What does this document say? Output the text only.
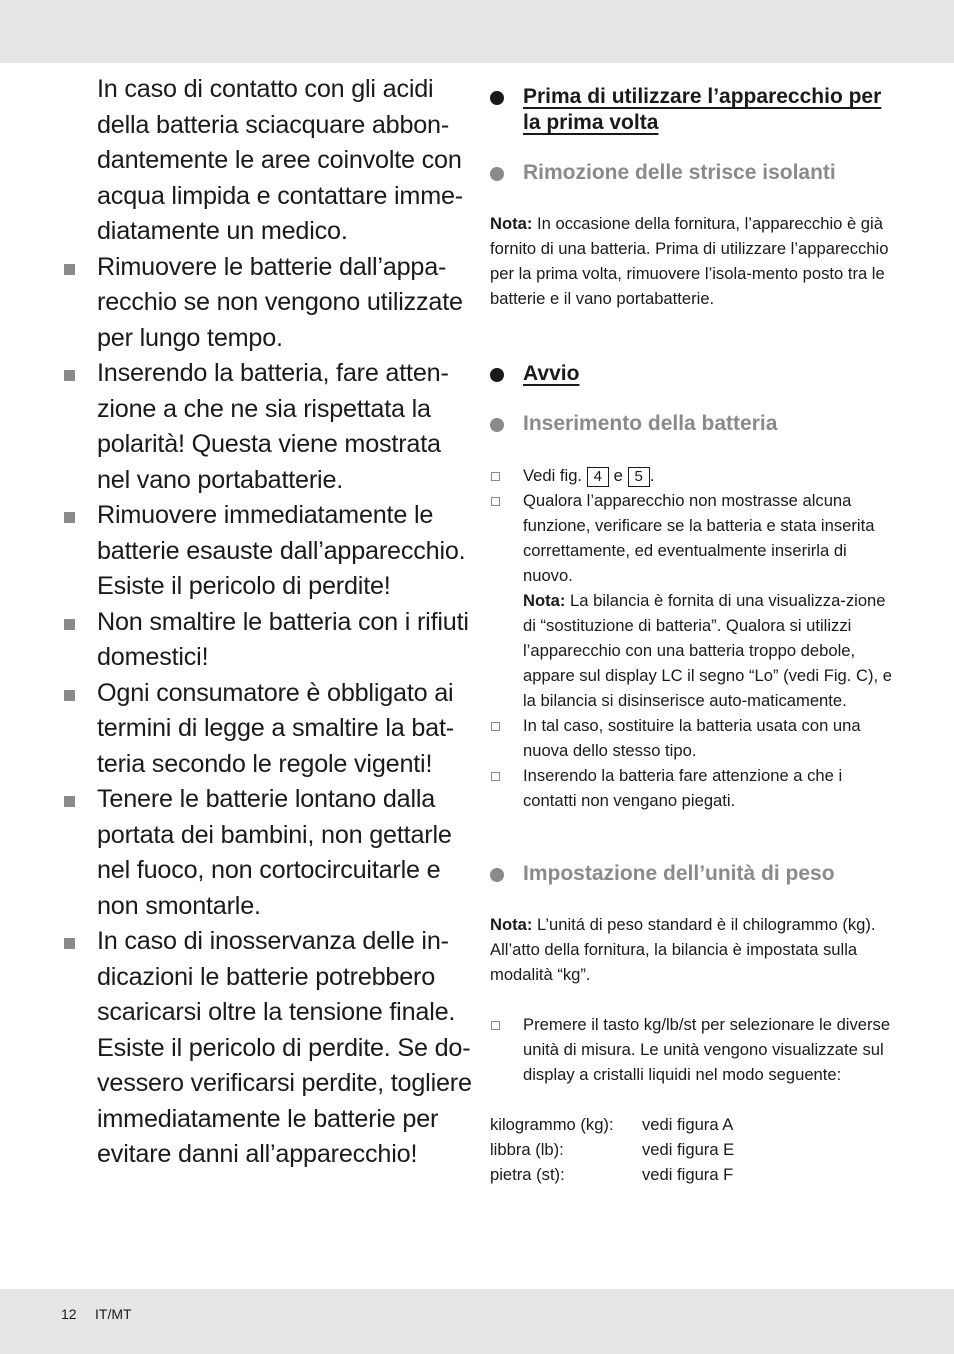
In caso di contatto con gli acidi della batteria sciacquare abbon-dantemente le aree coinvolte con acqua limpida e contattare imme-diatamente un medico.

Rimuovere le batterie dall’appa-recchio se non vengono utilizzate per lungo tempo.
Inserendo la batteria, fare atten-zione a che ne sia rispettata la polarità! Questa viene mostrata nel vano portabatterie.
Rimuovere immediatamente le batterie esauste dall’apparecchio. Esiste il pericolo di perdite!
Non smaltire le batteria con i rifiuti domestici!
Ogni consumatore è obbligato ai termini di legge a smaltire la bat-teria secondo le regole vigenti!
Tenere le batterie lontano dalla portata dei bambini, non gettarle nel fuoco, non cortocircuitarle e non smontarle.
In caso di inosservanza delle in-dicazioni le batterie potrebbero scaricarsi oltre la tensione finale. Esiste il pericolo di perdite. Se do-vessero verificarsi perdite, togliere immediatamente le batterie per evitare danni all’apparecchio!
Prima di utilizzare l’apparecchio per la prima volta
Rimozione delle strisce isolanti

Nota: In occasione della fornitura, l’apparecchio è già fornito di una batteria. Prima di utilizzare l’apparecchio per la prima volta, rimuovere l’isola-mento posto tra le batterie e il vano portabatterie.

Avvio
Inserimento della batteria
Vedi fig. 4 e 5 .
Qualora l’apparecchio non mostrasse alcuna funzione, verificare se la batteria e stata inserita correttamente, ed eventualmente inserirla di nuovo.
Nota: La bilancia è fornita di una visualizza-zione di “sostituzione di batteria”. Qualora si utilizzi l’apparecchio con una batteria troppo debole, appare sul display LC il segno “Lo” (vedi Fig. C), e la bilancia si disinserisce auto-maticamente.
In tal caso, sostituire la batteria usata con una nuova dello stesso tipo.
Inserendo la batteria fare attenzione a che i contatti non vengano piegati.
Impostazione dell’unità di peso

Nota: L’unitá di peso standard è il chilogrammo (kg). All’atto della fornitura, la bilancia è impostata sulla modalità “kg”.

Premere il tasto kg/lb/st per selezionare le diverse unità di misura. Le unità vengono visualizzate sul display a cristalli liquidi nel modo seguente:
kilogrammo (kg):	vedi figura A
libbra (lb):	vedi figura E
pietra (st):	vedi figura F
12 IT/MT
